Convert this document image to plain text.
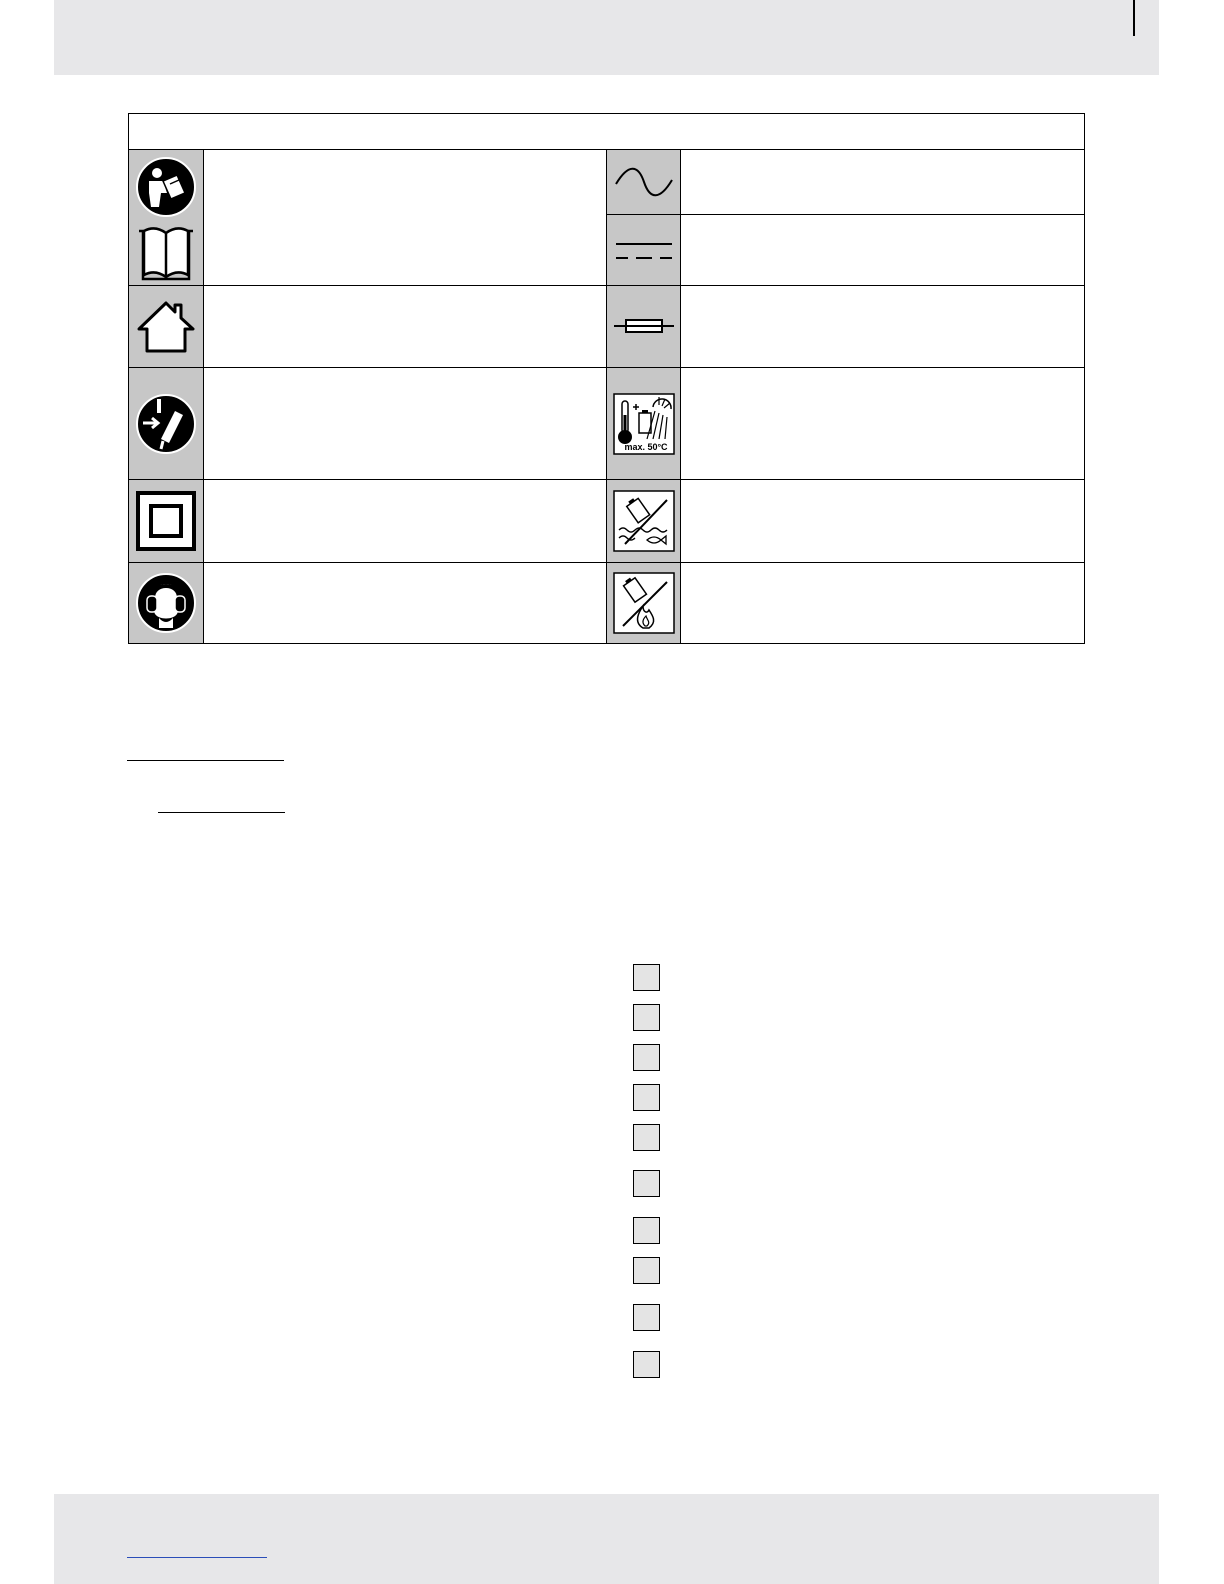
max. 50°C	
